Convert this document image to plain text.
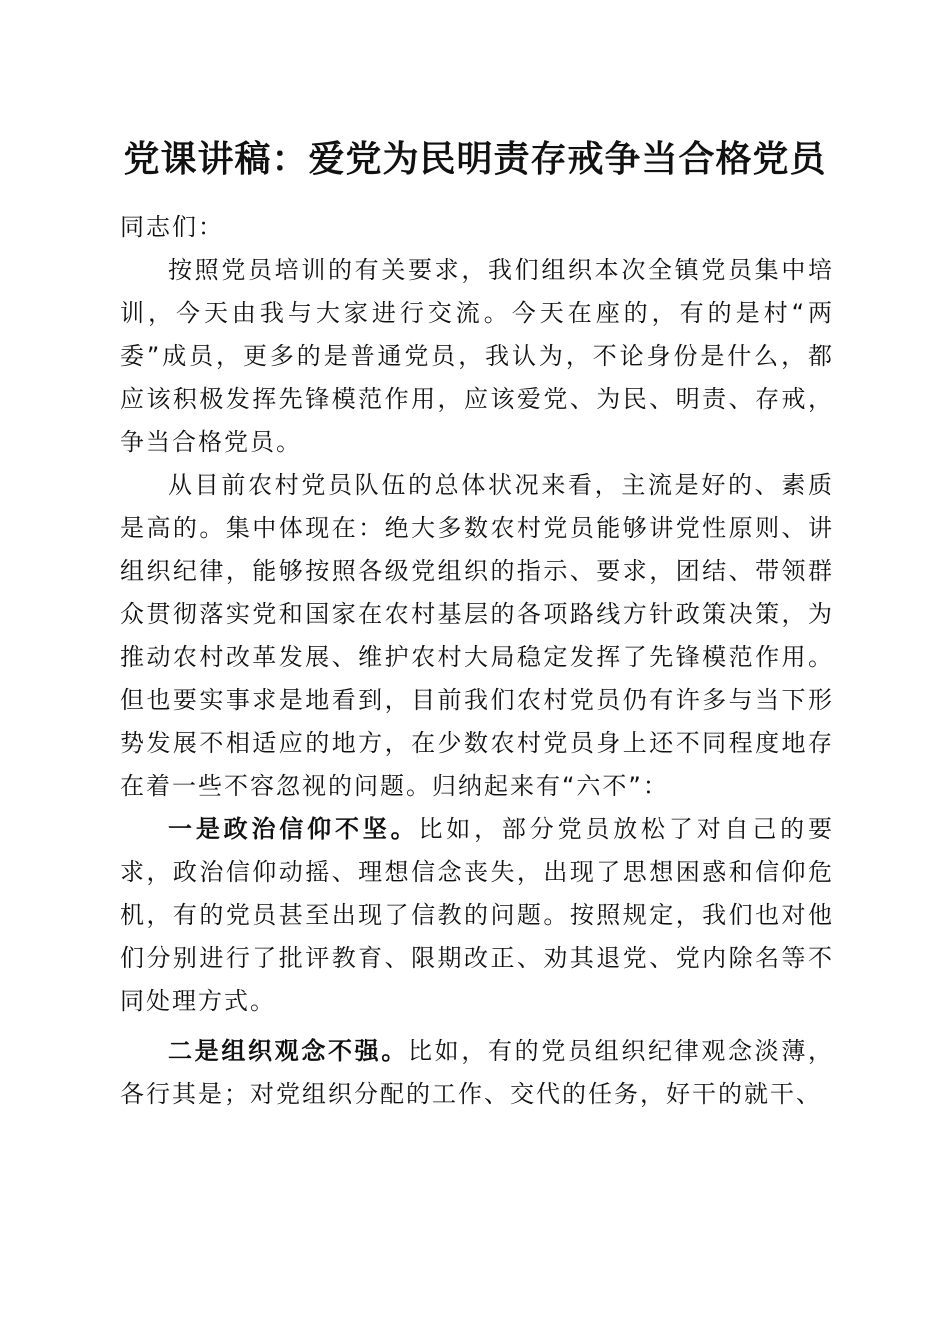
党课讲稿：爱党为民明责存戒争当合格党员

同志们：

按照党员培训的有关要求，我们组织本次全镇党员集中培训，今天由我与大家进行交流。今天在座的，有的是村“两委”成员，更多的是普通党员，我认为，不论身份是什么，都应该积极发挥先锋模范作用，应该爱党、为民、明责、存戒，争当合格党员。

从目前农村党员队伍的总体状况来看，主流是好的、素质是高的。集中体现在：绝大多数农村党员能够讲党性原则、讲组织纪律，能够按照各级党组织的指示、要求，团结、带领群众贯彻落实党和国家在农村基层的各项路线方针政策决策，为推动农村改革发展、维护农村大局稳定发挥了先锋模范作用。但也要实事求是地看到，目前我们农村党员仍有许多与当下形势发展不相适应的地方，在少数农村党员身上还不同程度地存在着一些不容忽视的问题。归纳起来有“六不”：

一是政治信仰不坚。比如，部分党员放松了对自己的要求，政治信仰动摇、理想信念丧失，出现了思想困惑和信仰危机，有的党员甚至出现了信教的问题。按照规定，我们也对他们分别进行了批评教育、限期改正、劝其退党、党内除名等不同处理方式。

二是组织观念不强。比如，有的党员组织纪律观念淡薄，各行其是；对党组织分配的工作、交代的任务，好干的就干、
